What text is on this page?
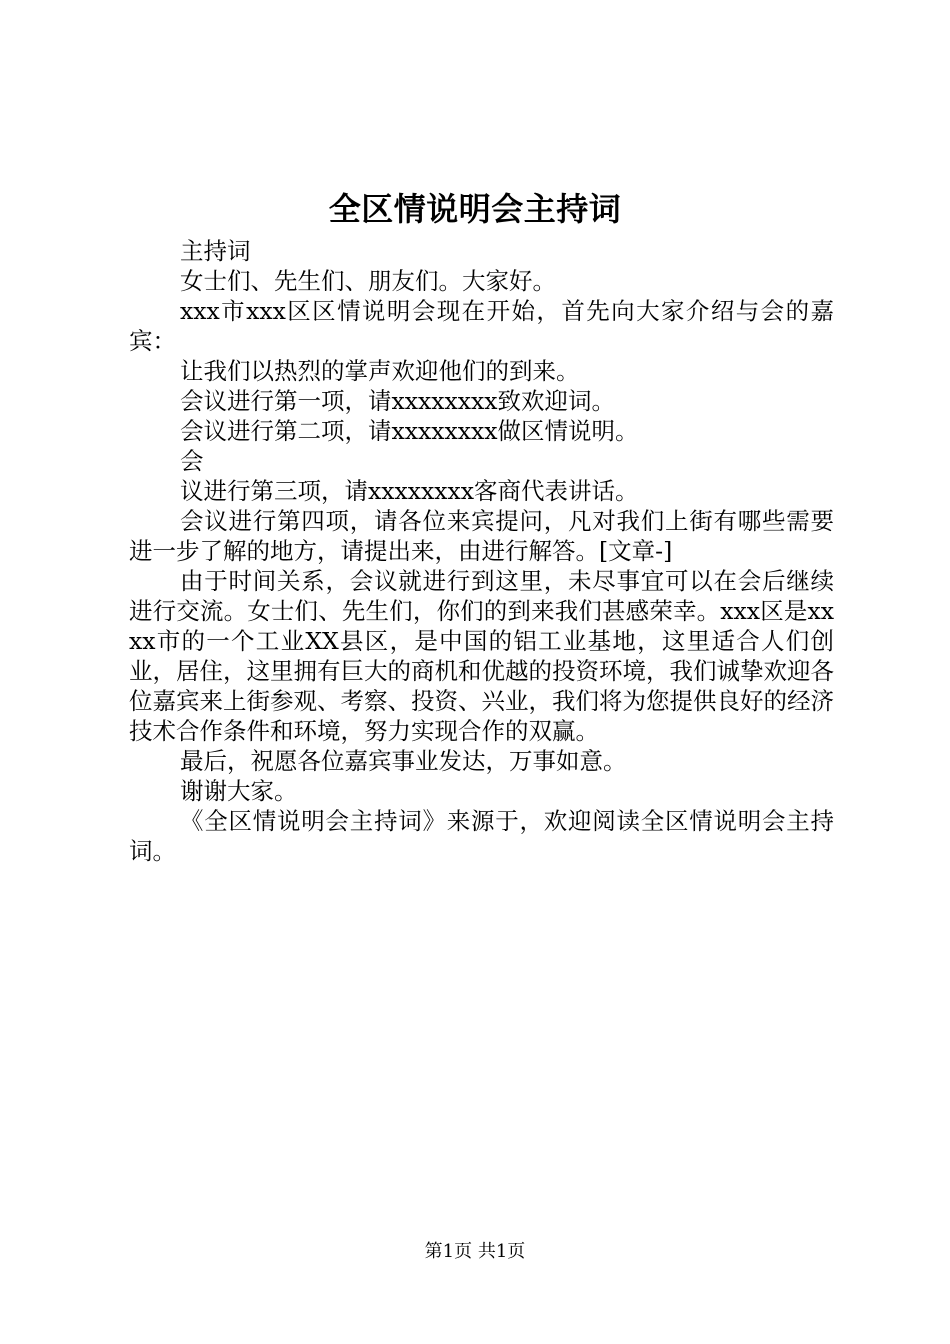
全区情说明会主持词

主持词

女士们、先生们、朋友们。大家好。

xxx市xxx区区情说明会现在开始，首先向大家介绍与会的嘉宾：

让我们以热烈的掌声欢迎他们的到来。

会议进行第一项，请xxxxxxxx致欢迎词。

会议进行第二项，请xxxxxxxx做区情说明。

会

议进行第三项，请xxxxxxxx客商代表讲话。

会议进行第四项，请各位来宾提问，凡对我们上街有哪些需要进一步了解的地方，请提出来，由进行解答。[文章-]

由于时间关系，会议就进行到这里，未尽事宜可以在会后继续进行交流。女士们、先生们，你们的到来我们甚感荣幸。xxx区是xxxx市的一个工业XX县区，是中国的铝工业基地，这里适合人们创业，居住，这里拥有巨大的商机和优越的投资环境，我们诚挚欢迎各位嘉宾来上街参观、考察、投资、兴业，我们将为您提供良好的经济技术合作条件和环境，努力实现合作的双赢。

最后，祝愿各位嘉宾事业发达，万事如意。

谢谢大家。

《全区情说明会主持词》来源于，欢迎阅读全区情说明会主持词。

第1页 共1页
